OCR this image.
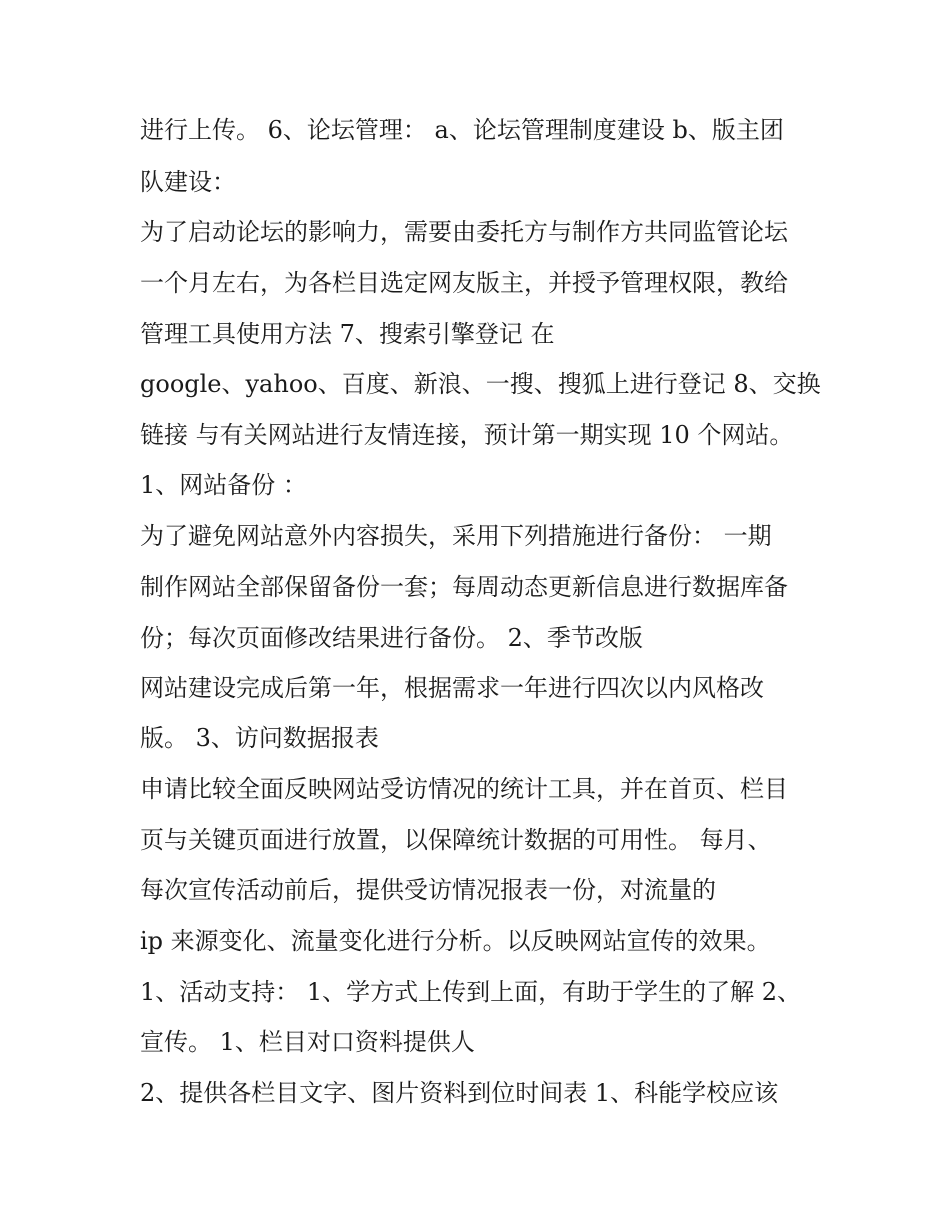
进行上传。 6、论坛管理： a、论坛管理制度建设 b、版主团
队建设：
为了启动论坛的影响力，需要由委托方与制作方共同监管论坛
一个月左右，为各栏目选定网友版主，并授予管理权限，教给
管理工具使用方法 7、搜索引擎登记 在
google、yahoo、百度、新浪、一搜、搜狐上进行登记 8、交换
链接 与有关网站进行友情连接，预计第一期实现 10 个网站。
1、网站备份 ：
为了避免网站意外内容损失，采用下列措施进行备份： 一期
制作网站全部保留备份一套；每周动态更新信息进行数据库备
份；每次页面修改结果进行备份。 2、季节改版
网站建设完成后第一年，根据需求一年进行四次以内风格改
版。 3、访问数据报表
申请比较全面反映网站受访情况的统计工具，并在首页、栏目
页与关键页面进行放置，以保障统计数据的可用性。 每月、
每次宣传活动前后，提供受访情况报表一份，对流量的
ip 来源变化、流量变化进行分析。以反映网站宣传的效果。
1、活动支持： 1、学方式上传到上面，有助于学生的了解 2、
宣传。 1、栏目对口资料提供人
2、提供各栏目文字、图片资料到位时间表 1、科能学校应该
